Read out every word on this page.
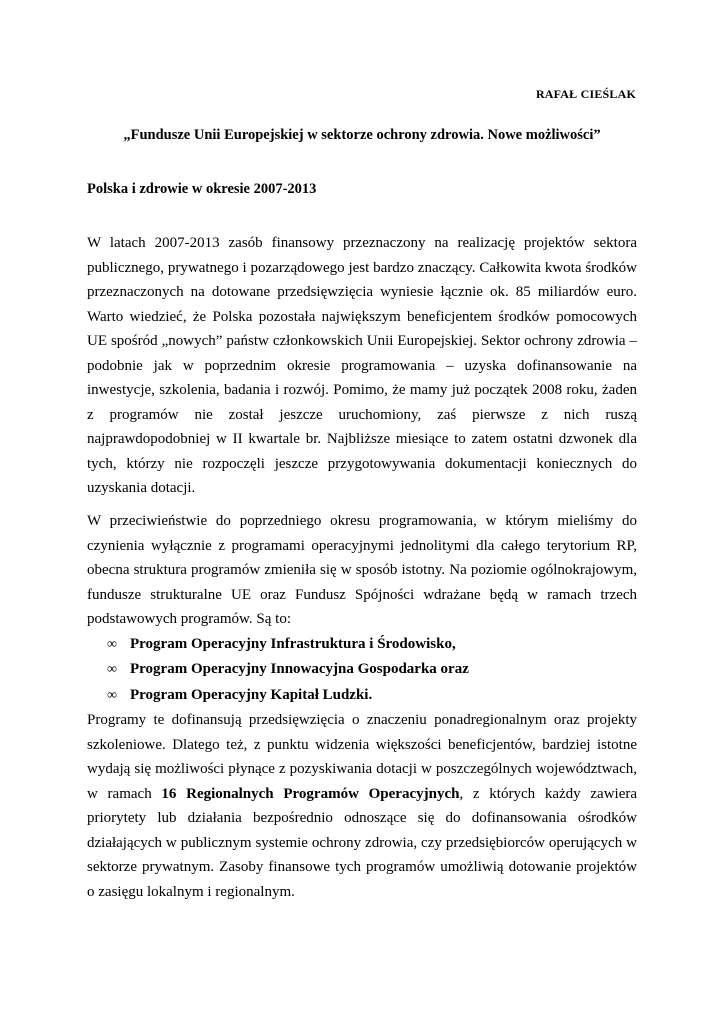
RAFAŁ CIEŚLAK
„Fundusze Unii Europejskiej w sektorze ochrony zdrowia. Nowe możliwości”
Polska i zdrowie w okresie 2007-2013
W latach 2007-2013 zasób finansowy przeznaczony na realizację projektów sektora publicznego, prywatnego i pozarządowego jest bardzo znaczący. Całkowita kwota środków przeznaczonych na dotowane przedsięwzięcia wyniesie łącznie ok. 85 miliardów euro. Warto wiedzieć, że Polska pozostała największym beneficjentem środków pomocowych UE spośród „nowych” państw członkowskich Unii Europejskiej. Sektor ochrony zdrowia – podobnie jak w poprzednim okresie programowania – uzyska dofinansowanie na inwestycje, szkolenia, badania i rozwój. Pomimo, że mamy już początek 2008 roku, żaden z programów nie został jeszcze uruchomiony, zaś pierwsze z nich ruszą najprawdopodobniej w II kwartale br. Najbliższe miesiące to zatem ostatni dzwonek dla tych, którzy nie rozpoczęli jeszcze przygotowywania dokumentacji koniecznych do uzyskania dotacji.
W przeciwieństwie do poprzedniego okresu programowania, w którym mieliśmy do czynienia wyłącznie z programami operacyjnymi jednolitymi dla całego terytorium RP, obecna struktura programów zmieniła się w sposób istotny. Na poziomie ogólnokrajowym, fundusze strukturalne UE oraz Fundusz Spójności wdrażane będą w ramach trzech podstawowych programów. Są to:
∞ Program Operacyjny Infrastruktura i Środowisko,
∞ Program Operacyjny Innowacyjna Gospodarka oraz
∞ Program Operacyjny Kapitał Ludzki.
Programy te dofinansują przedsięwzięcia o znaczeniu ponadregionalnym oraz projekty szkoleniowe. Dlatego też, z punktu widzenia większości beneficjentów, bardziej istotne wydają się możliwości płynące z pozyskiwania dotacji w poszczególnych województwach, w ramach 16 Regionalnych Programów Operacyjnych, z których każdy zawiera priorytety lub działania bezpośrednio odnoszące się do dofinansowania ośrodków działających w publicznym systemie ochrony zdrowia, czy przedsiębiorców operujących w sektorze prywatnym. Zasoby finansowe tych programów umożliwią dotowanie projektów o zasięgu lokalnym i regionalnym.
